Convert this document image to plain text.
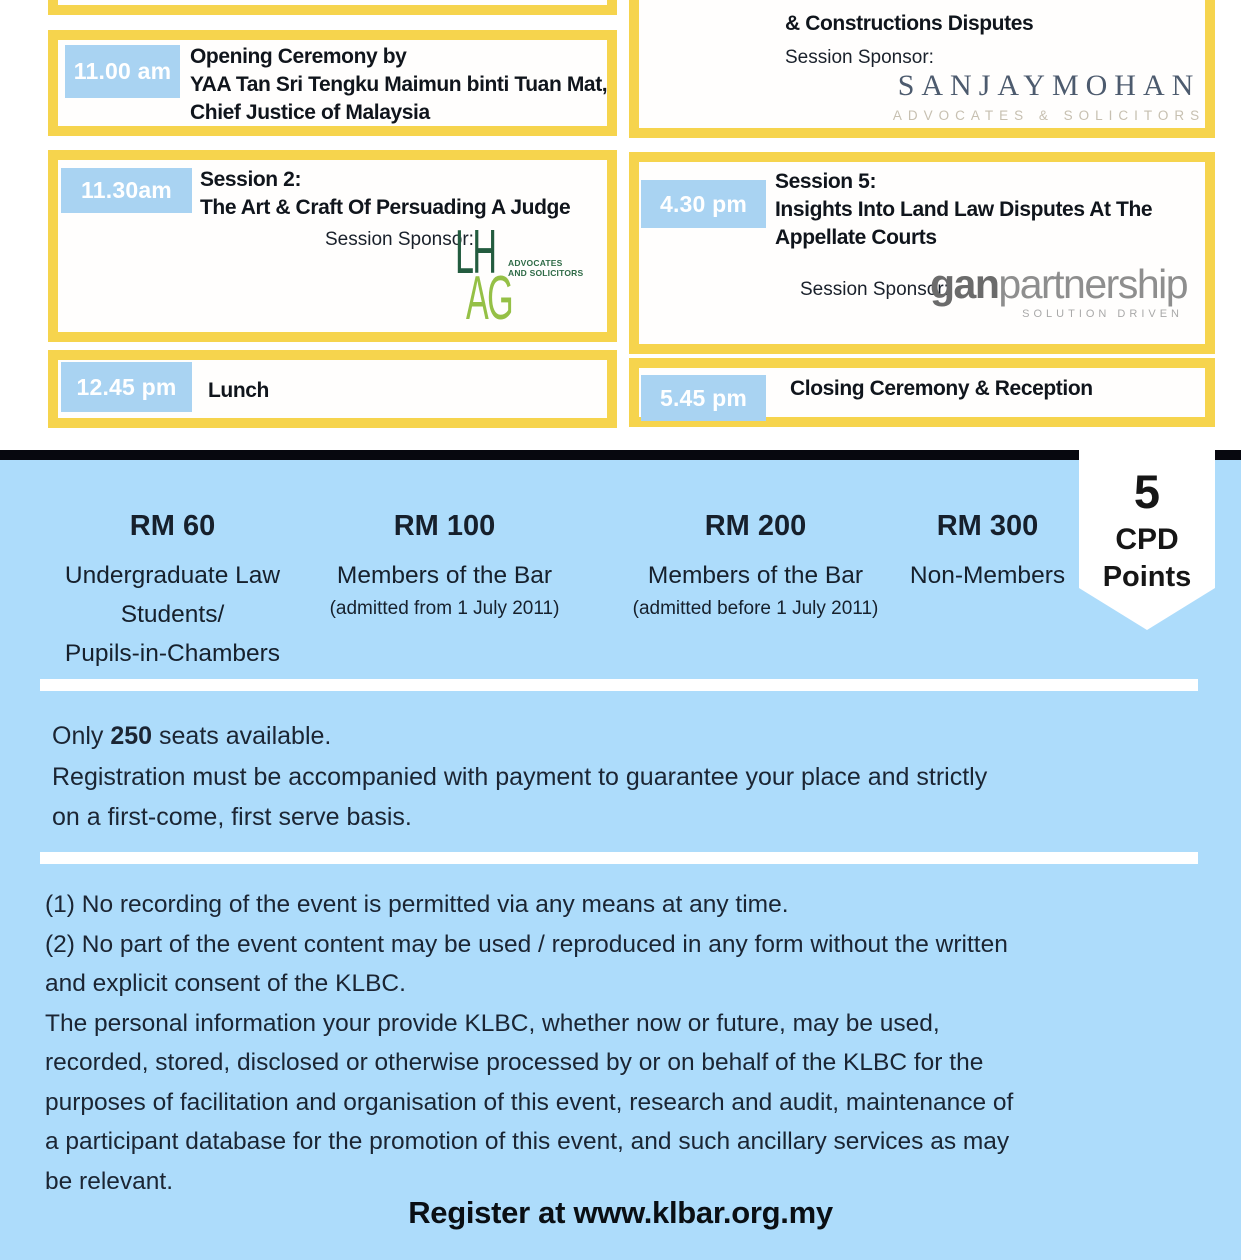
11.00 am
Opening Ceremony by
YAA Tan Sri Tengku Maimun binti Tuan Mat,
Chief Justice of Malaysia
11.30am	Session 2:
The Art & Craft Of Persuading A Judge
Session Sponsor:
LH ADVOCATES
AND SOLICITORS
AG
12.45 pm	Lunch
& Constructions Disputes
Session Sponsor:
SANJAYMOHAN
ADVOCATES & SOLICITORS
4.30 pm
Session 5:
Insights Into Land Law Disputes At The
Appellate Courts
Session Sponsor:
ganpartnership
SOLUTION DRIVEN
5.45 pm	Closing Ceremony & Reception
RM 60
Undergraduate Law
Students/
Pupils-in-Chambers
RM 100
Members of the Bar
(admitted from 1 July 2011)
RM 200
Members of the Bar
(admitted before 1 July 2011)
RM 300
Non-Members
Only 250 seats available.
Registration must be accompanied with payment to guarantee your place and strictly
on a first-come, first serve basis.
(1) No recording of the event is permitted via any means at any time.
(2) No part of the event content may be used / reproduced in any form without the written
and explicit consent of the KLBC.
The personal information your provide KLBC, whether now or future, may be used,
recorded, stored, disclosed or otherwise processed by or on behalf of the KLBC for the
purposes of facilitation and organisation of this event, research and audit, maintenance of
a participant database for the promotion of this event, and such ancillary services as may
be relevant.
Register at www.klbar.org.my
5
CPD
Points
